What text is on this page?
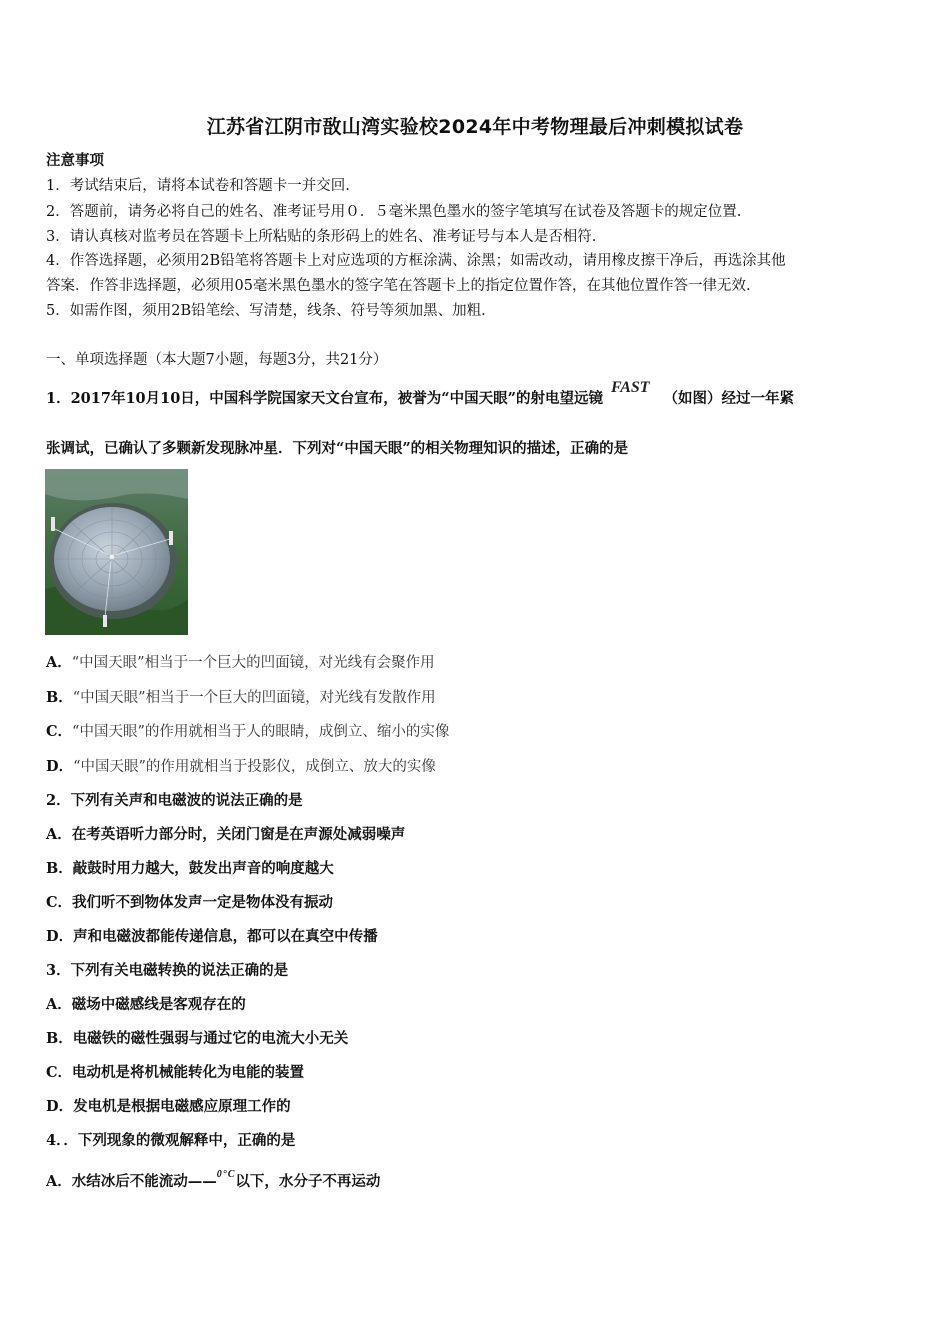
江苏省江阴市敔山湾实验校2024年中考物理最后冲刺模拟试卷
注意事项
1．考试结束后，请将本试卷和答题卡一并交回.
2．答题前，请务必将自己的姓名、准考证号用０．５毫米黑色墨水的签字笔填写在试卷及答题卡的规定位置.
3．请认真核对监考员在答题卡上所粘贴的条形码上的姓名、准考证号与本人是否相符.
4．作答选择题，必须用2B铅笔将答题卡上对应选项的方框涂满、涂黑；如需改动，请用橡皮擦干净后，再选涂其他
答案．作答非选择题，必须用05毫米黑色墨水的签字笔在答题卡上的指定位置作答，在其他位置作答一律无效.
5．如需作图，须用2B铅笔绘、写清楚，线条、符号等须加黑、加粗.
一、单项选择题（本大题7小题，每题3分，共21分）
1．2017年10月10日，中国科学院国家天文台宣布，被誉为“中国天眼”的射电望远镜FAST（如图）经过一年紧
张调试，已确认了多颗新发现脉冲星．下列对“中国天眼”的相关物理知识的描述，正确的是
A．“中国天眼”相当于一个巨大的凹面镜，对光线有会聚作用
B．“中国天眼”相当于一个巨大的凹面镜，对光线有发散作用
C．“中国天眼”的作用就相当于人的眼睛，成倒立、缩小的实像
D．“中国天眼”的作用就相当于投影仪，成倒立、放大的实像
2．下列有关声和电磁波的说法正确的是
A．在考英语听力部分时，关闭门窗是在声源处减弱噪声
B．敲鼓时用力越大，鼓发出声音的响度越大
C．我们听不到物体发声一定是物体没有振动
D．声和电磁波都能传递信息，都可以在真空中传播
3．下列有关电磁转换的说法正确的是
A．磁场中磁感线是客观存在的
B．电磁铁的磁性强弱与通过它的电流大小无关
C．电动机是将机械能转化为电能的装置
D．发电机是根据电磁感应原理工作的
4．．下列现象的微观解释中，正确的是
A．水结冰后不能流动——$^{0^\circ C}$以下，水分子不再运动
